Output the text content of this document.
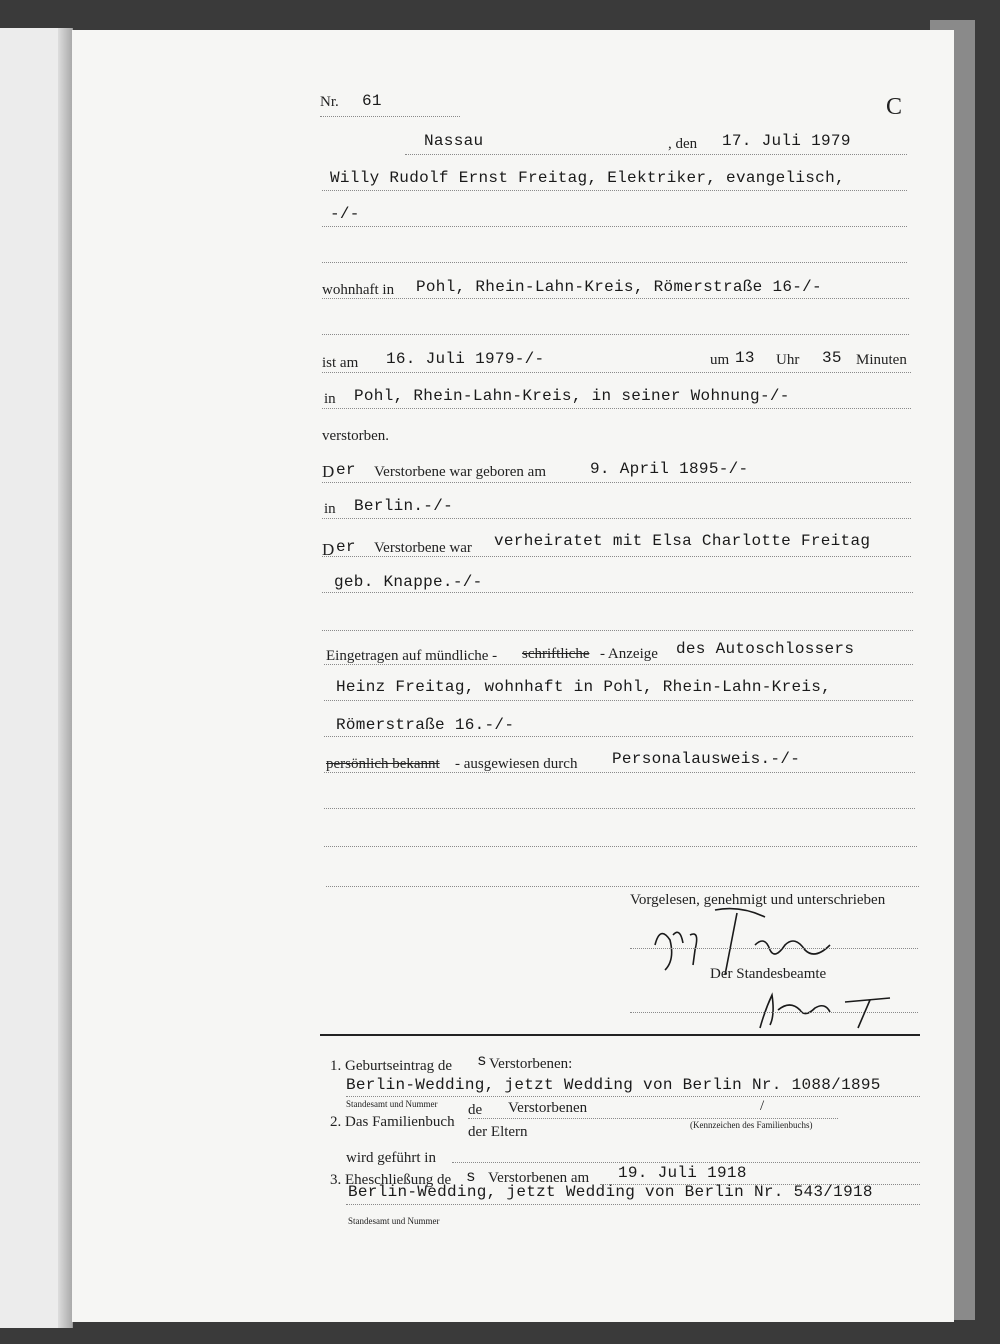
Nr. 61	C
Nassau	, den 17. Juli 1979
Willy Rudolf Ernst Freitag, Elektriker, evangelisch,
-/-
wohnhaft in Pohl, Rhein-Lahn-Kreis, Römerstraße 16-/-
ist am 16. Juli 1979-/-	um 13 Uhr 35 Minuten
in Pohl, Rhein-Lahn-Kreis, in seiner Wohnung-/-
verstorben.
D er Verstorbene war geboren am	9. April 1895-/-
in Berlin.-/-
D er Verstorbene war verheiratet mit Elsa Charlotte Freitag
geb. Knappe.-/-
Eingetragen auf mündliche - schriftliche - Anzeige des Autoschlossers
Heinz Freitag, wohnhaft in Pohl, Rhein-Lahn-Kreis,
Römerstraße 16.-/-
persönlich bekannt - ausgewiesen durch Personalausweis.-/-
Vorgelesen, genehmigt und unterschrieben
Der Standesbeamte
1. Geburtseintrag de s Verstorbenen:
Berlin-Wedding, jetzt Wedding von Berlin Nr. 1088/1895
Standesamt und Nummer
2. Das Familienbuch
de Verstorbenen	/
der Eltern	(Kennzeichen des Familienbuchs)
wird geführt in
3. Eheschließung de s Verstorbenen am 19. Juli 1918
Berlin-Wedding, jetzt Wedding von Berlin Nr. 543/1918
Standesamt und Nummer
